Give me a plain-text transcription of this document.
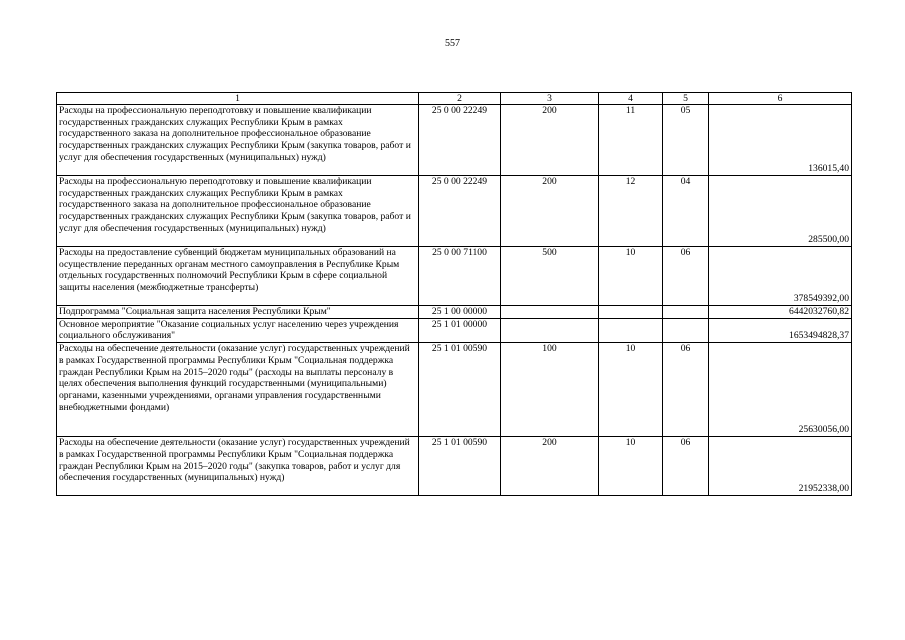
557
1	2	3	4	5	6
Расходы на профессиональную переподготовку и повышение квалификации государственных гражданских служащих Республики Крым в рамках государственного заказа на дополнительное профессиональное образование государственных гражданских служащих Республики Крым (закупка товаров, работ и услуг для обеспечения государственных (муниципальных) нужд)	25 0 00 22249	200	11	05	136015,40
Расходы на профессиональную переподготовку и повышение квалификации государственных гражданских служащих Республики Крым в рамках государственного заказа на дополнительное профессиональное образование государственных гражданских служащих Республики Крым (закупка товаров, работ и услуг для обеспечения государственных (муниципальных) нужд)	25 0 00 22249	200	12	04	285500,00
Расходы на предоставление субвенций бюджетам муниципальных образований на осуществление переданных органам местного самоуправления в Республике Крым отдельных государственных полномочий Республики Крым в сфере социальной защиты населения (межбюджетные трансферты)	25 0 00 71100	500	10	06	378549392,00
Подпрограмма "Социальная защита населения Республики Крым"	25 1 00 00000				6442032760,82
Основное мероприятие "Оказание социальных услуг населению через учреждения социального обслуживания"	25 1 01 00000				1653494828,37
Расходы на обеспечение деятельности (оказание услуг) государственных учреждений в рамках Государственной программы Республики Крым "Социальная поддержка граждан Республики Крым на 2015–2020 годы" (расходы на выплаты персоналу в целях обеспечения выполнения функций государственными (муниципальными) органами, казенными учреждениями, органами управления государственными внебюджетными фондами)	25 1 01 00590	100	10	06	25630056,00
Расходы на обеспечение деятельности (оказание услуг) государственных учреждений в рамках Государственной программы Республики Крым "Социальная поддержка граждан Республики Крым на 2015–2020 годы" (закупка товаров, работ и услуг для обеспечения государственных (муниципальных) нужд)	25 1 01 00590	200	10	06	21952338,00
